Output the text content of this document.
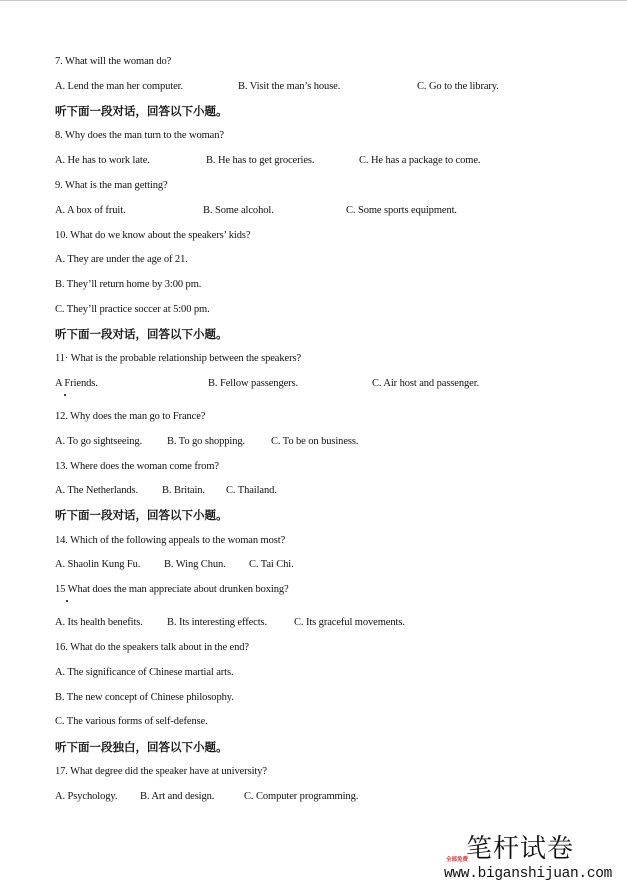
7. What will the woman do?
A. Lend the man her computer.	B. Visit the man’s house.	C. Go to the library.
听下面一段对话，回答以下小题。
8. Why does the man turn to the woman?
A. He has to work late.	B. He has to get groceries.	C. He has a package to come.
9. What is the man getting?
A. A box of fruit.	B. Some alcohol.	C. Some sports equipment.
10. What do we know about the speakers’ kids?
A. They are under the age of 21.
B. They’ll return home by 3:00 pm.
C. They’ll practice soccer at 5:00 pm.
听下面一段对话，回答以下小题。
11· What is the probable relationship between the speakers?
A Friends.	B. Fellow passengers.	C. Air host and passenger.
12. Why does the man go to France?
A. To go sightseeing. B. To go shopping. C. To be on business.
13. Where does the woman come from?
A. The Netherlands. B. Britain. C. Thailand.
听下面一段对话，回答以下小题。
14. Which of the following appeals to the woman most?
A. Shaolin Kung Fu. B. Wing Chun. C. Tai Chi.
15 What does the man appreciate about drunken boxing?
A. Its health benefits. B. Its interesting effects.	C. Its graceful movements.
16. What do the speakers talk about in the end?
A. The significance of Chinese martial arts.
B. The new concept of Chinese philosophy.
C. The various forms of self-defense.
听下面一段独白，回答以下小题。
17. What degree did the speaker have at university?
A. Psychology. B. Art and design.	C. Computer programming.
笔杆试卷
全部免费
www.biganshijuan.com
